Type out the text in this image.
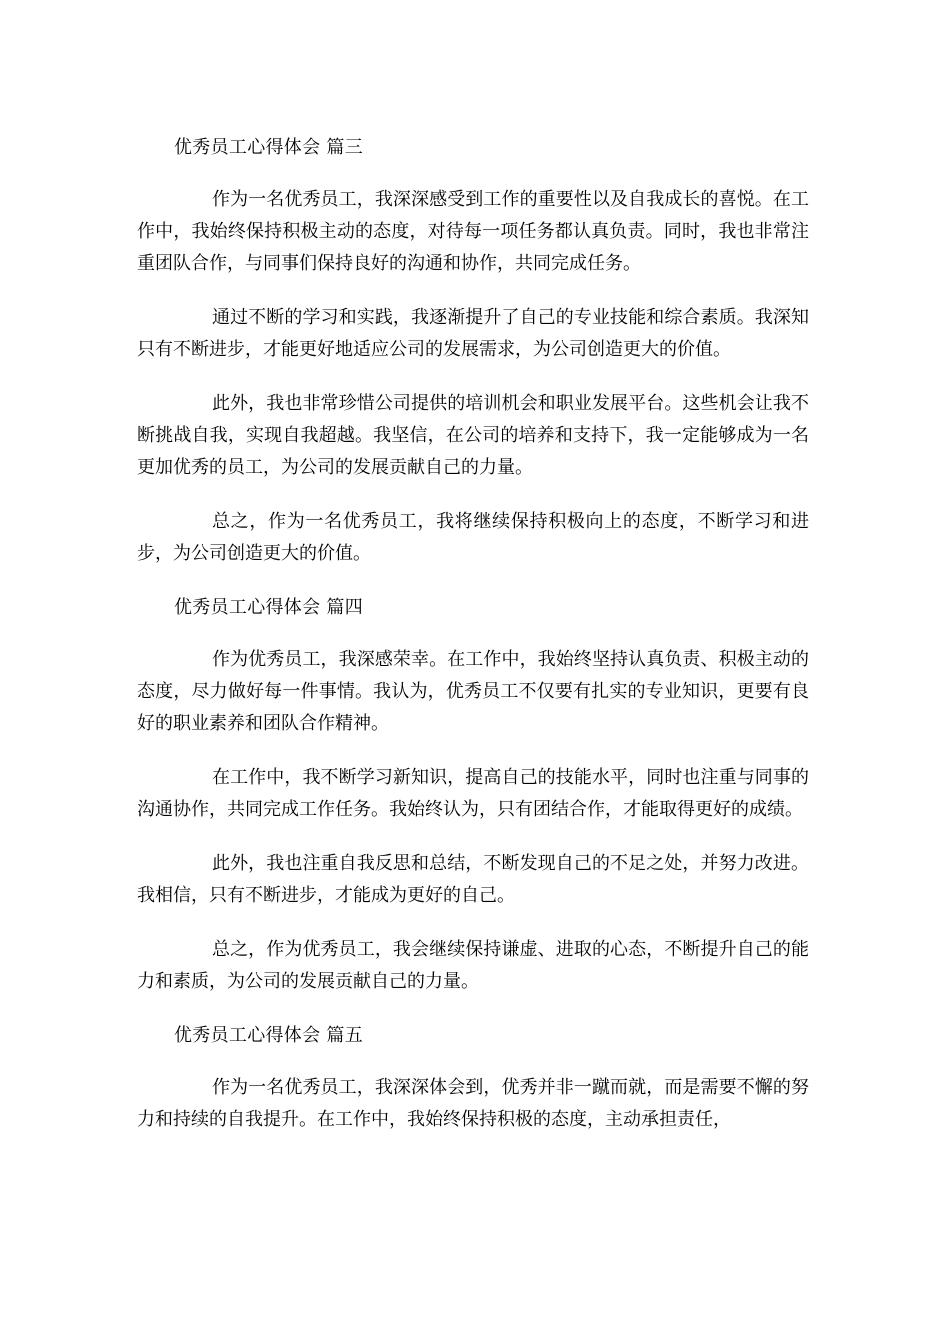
优秀员工心得体会 篇三

作为一名优秀员工，我深深感受到工作的重要性以及自我成长的喜悦。在工作中，我始终保持积极主动的态度，对待每一项任务都认真负责。同时，我也非常注重团队合作，与同事们保持良好的沟通和协作，共同完成任务。

通过不断的学习和实践，我逐渐提升了自己的专业技能和综合素质。我深知只有不断进步，才能更好地适应公司的发展需求，为公司创造更大的价值。

此外，我也非常珍惜公司提供的培训机会和职业发展平台。这些机会让我不断挑战自我，实现自我超越。我坚信，在公司的培养和支持下，我一定能够成为一名更加优秀的员工，为公司的发展贡献自己的力量。

总之，作为一名优秀员工，我将继续保持积极向上的态度，不断学习和进步，为公司创造更大的价值。

优秀员工心得体会 篇四

作为优秀员工，我深感荣幸。在工作中，我始终坚持认真负责、积极主动的态度，尽力做好每一件事情。我认为，优秀员工不仅要有扎实的专业知识，更要有良好的职业素养和团队合作精神。

在工作中，我不断学习新知识，提高自己的技能水平，同时也注重与同事的沟通协作，共同完成工作任务。我始终认为，只有团结合作，才能取得更好的成绩。

此外，我也注重自我反思和总结，不断发现自己的不足之处，并努力改进。我相信，只有不断进步，才能成为更好的自己。

总之，作为优秀员工，我会继续保持谦虚、进取的心态，不断提升自己的能力和素质，为公司的发展贡献自己的力量。

优秀员工心得体会 篇五

作为一名优秀员工，我深深体会到，优秀并非一蹴而就，而是需要不懈的努力和持续的自我提升。在工作中，我始终保持积极的态度，主动承担责任，
